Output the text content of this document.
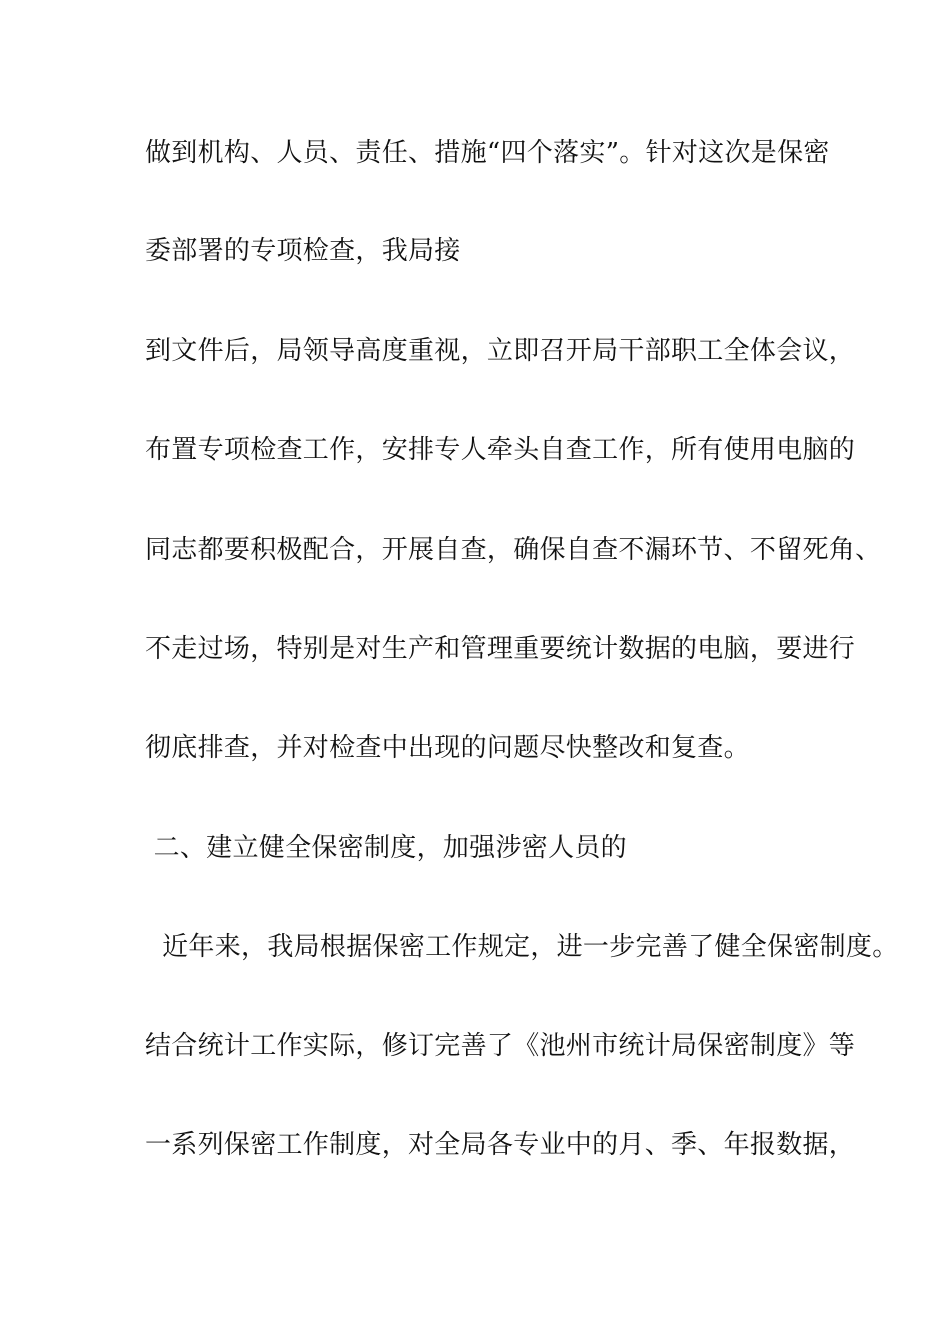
做到机构、人员、责任、措施“四个落实”。针对这次是保密
委部署的专项检查，我局接
到文件后，局领导高度重视，立即召开局干部职工全体会议，
布置专项检查工作，安排专人牵头自查工作，所有使用电脑的
同志都要积极配合，开展自查，确保自查不漏环节、不留死角、
不走过场，特别是对生产和管理重要统计数据的电脑，要进行
彻底排查，并对检查中出现的问题尽快整改和复查。
二、建立健全保密制度，加强涉密人员的
近年来，我局根据保密工作规定，进一步完善了健全保密制度。
结合统计工作实际，修订完善了《池州市统计局保密制度》等
一系列保密工作制度，对全局各专业中的月、季、年报数据，
